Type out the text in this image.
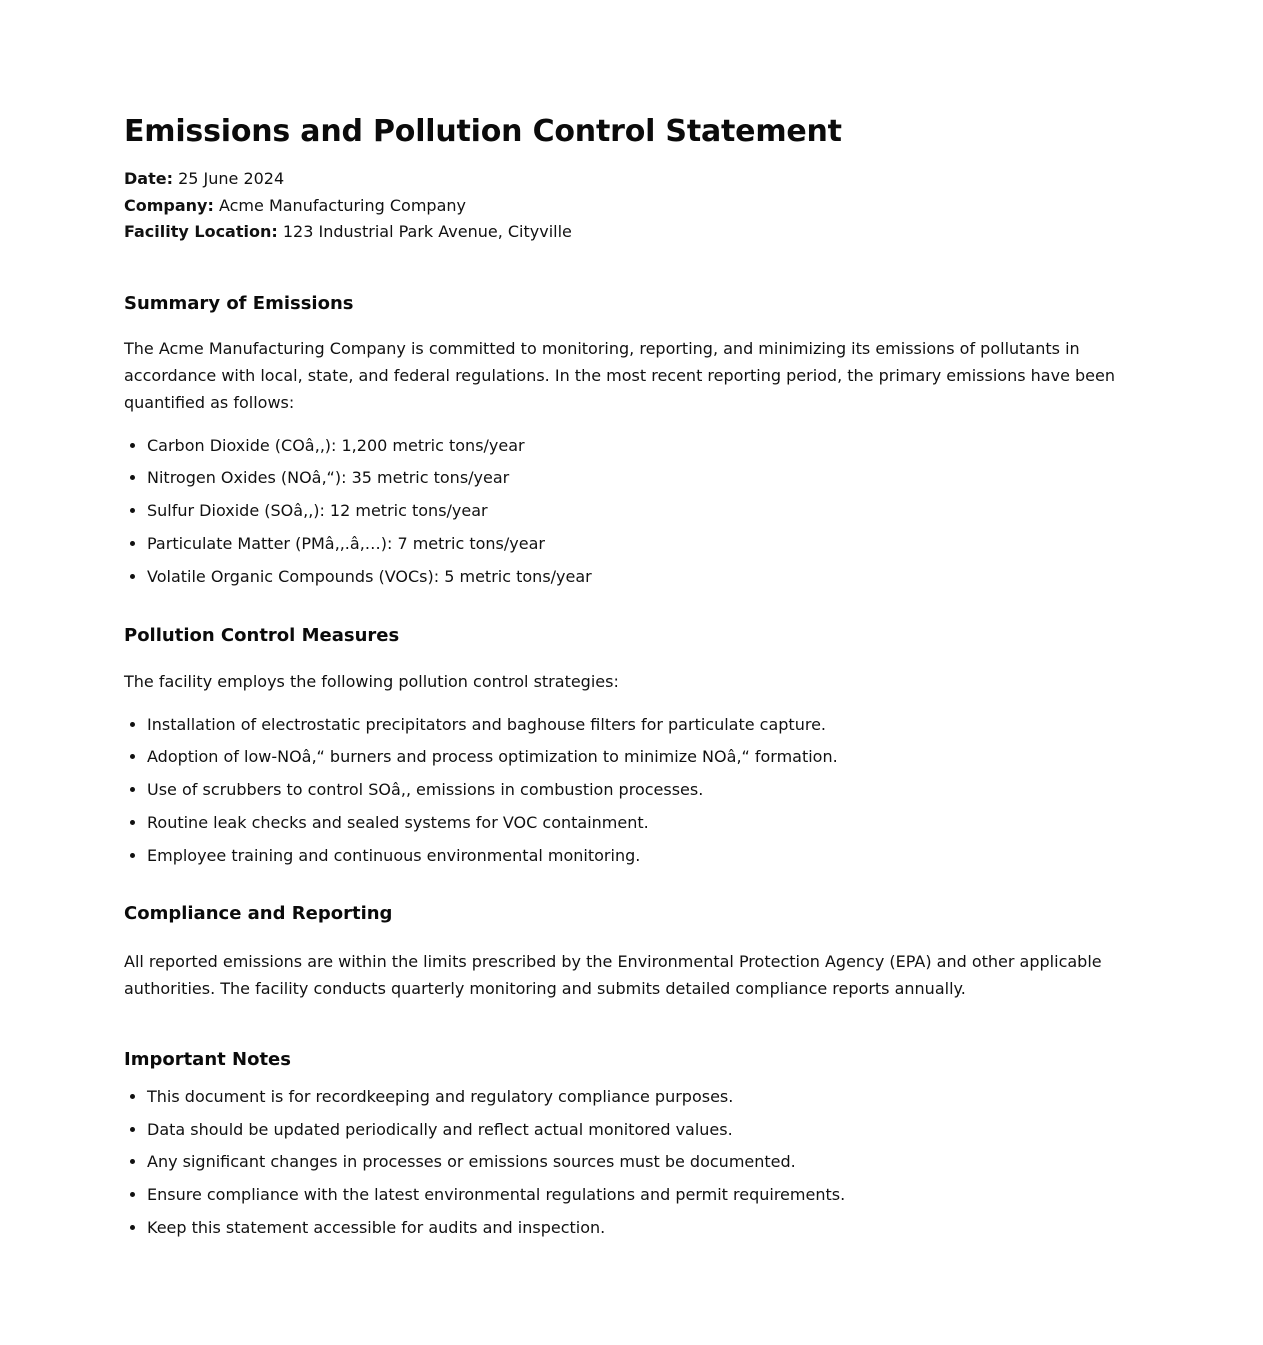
Emissions and Pollution Control Statement
Date: 25 June 2024
Company: Acme Manufacturing Company
Facility Location: 123 Industrial Park Avenue, Cityville
Summary of Emissions

The Acme Manufacturing Company is committed to monitoring, reporting, and minimizing its emissions of pollutants in accordance with local, state, and federal regulations. In the most recent reporting period, the primary emissions have been quantified as follows:

• Carbon Dioxide (COâ‚‚): 1,200 metric tons/year
• Nitrogen Oxides (NOâ‚“): 35 metric tons/year
• Sulfur Dioxide (SOâ‚‚): 12 metric tons/year
• Particulate Matter (PMâ‚‚.â‚…): 7 metric tons/year
• Volatile Organic Compounds (VOCs): 5 metric tons/year
Pollution Control Measures

The facility employs the following pollution control strategies:

• Installation of electrostatic precipitators and baghouse filters for particulate capture.
• Adoption of low-NOâ‚“ burners and process optimization to minimize NOâ‚“ formation.
• Use of scrubbers to control SOâ‚‚ emissions in combustion processes.
• Routine leak checks and sealed systems for VOC containment.
• Employee training and continuous environmental monitoring.
Compliance and Reporting

All reported emissions are within the limits prescribed by the Environmental Protection Agency (EPA) and other applicable authorities. The facility conducts quarterly monitoring and submits detailed compliance reports annually.

Important Notes
• This document is for recordkeeping and regulatory compliance purposes.
• Data should be updated periodically and reflect actual monitored values.
• Any significant changes in processes or emissions sources must be documented.
• Ensure compliance with the latest environmental regulations and permit requirements.
• Keep this statement accessible for audits and inspection.
